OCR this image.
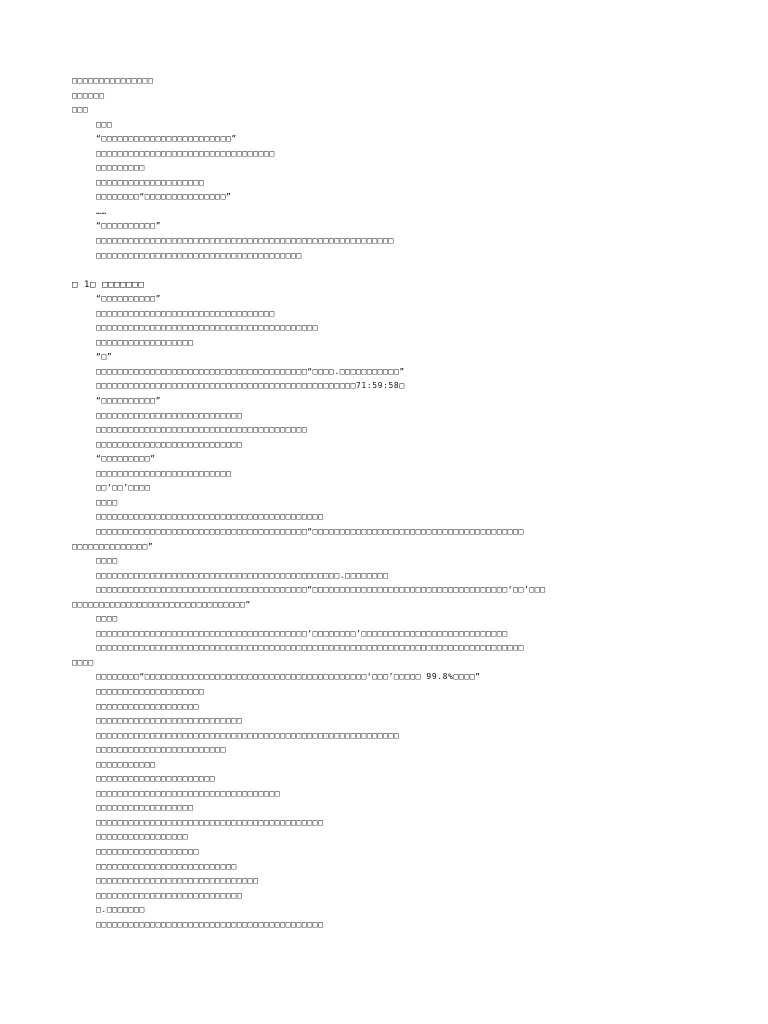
□□□□□□□□□□□□□□□
□□□□□□
□□□
□□□
“□□□□□□□□□□□□□□□□□□□□□□□□”
□□□□□□□□□□□□□□□□□□□□□□□□□□□□□□□□□
□□□□□□□□□
□□□□□□□□□□□□□□□□□□□□
□□□□□□□□“□□□□□□□□□□□□□□□”
……
“□□□□□□□□□□”
□□□□□□□□□□□□□□□□□□□□□□□□□□□□□□□□□□□□□□□□□□□□□□□□□□□□□□□
□□□□□□□□□□□□□□□□□□□□□□□□□□□□□□□□□□□□□□
□ 1□ □□□□□□□
“□□□□□□□□□□”
□□□□□□□□□□□□□□□□□□□□□□□□□□□□□□□□□
□□□□□□□□□□□□□□□□□□□□□□□□□□□□□□□□□□□□□□□□□
□□□□□□□□□□□□□□□□□□
“□”
□□□□□□□□□□□□□□□□□□□□□□□□□□□□□□□□□□□□□□□“□□□□.□□□□□□□□□□□”
□□□□□□□□□□□□□□□□□□□□□□□□□□□□□□□□□□□□□□□□□□□□□□□□71:59:58□
“□□□□□□□□□□”
□□□□□□□□□□□□□□□□□□□□□□□□□□□
□□□□□□□□□□□□□□□□□□□□□□□□□□□□□□□□□□□□□□□
□□□□□□□□□□□□□□□□□□□□□□□□□□□
“□□□□□□□□□”
□□□□□□□□□□□□□□□□□□□□□□□□□
□□‘□□’□□□□
□□□□
□□□□□□□□□□□□□□□□□□□□□□□□□□□□□□□□□□□□□□□□□□
□□□□□□□□□□□□□□□□□□□□□□□□□□□□□□□□□□□□□□□“□□□□□□□□□□□□□□□□□□□□□□□□□□□□□□□□□□□□□□□
□□□□□□□□□□□□□□”
□□□□
□□□□□□□□□□□□□□□□□□□□□□□□□□□□□□□□□□□□□□□□□□□□□.□□□□□□□□
□□□□□□□□□□□□□□□□□□□□□□□□□□□□□□□□□□□□□□□“□□□□□□□□□□□□□□□□□□□□□□□□□□□□□□□□□□□□‘□□’□□□
□□□□□□□□□□□□□□□□□□□□□□□□□□□□□□□□”
□□□□
□□□□□□□□□□□□□□□□□□□□□□□□□□□□□□□□□□□□□□□‘□□□□□□□□’□□□□□□□□□□□□□□□□□□□□□□□□□□□
□□□□□□□□□□□□□□□□□□□□□□□□□□□□□□□□□□□□□□□□□□□□□□□□□□□□□□□□□□□□□□□□□□□□□□□□□□□□□□□
□□□□
□□□□□□□□“□□□□□□□□□□□□□□□□□□□□□□□□□□□□□□□□□□□□□□□□□‘□□□’□□□□□ 99.8%□□□□”
□□□□□□□□□□□□□□□□□□□□
□□□□□□□□□□□□□□□□□□□
□□□□□□□□□□□□□□□□□□□□□□□□□□□
□□□□□□□□□□□□□□□□□□□□□□□□□□□□□□□□□□□□□□□□□□□□□□□□□□□□□□□□
□□□□□□□□□□□□□□□□□□□□□□□□
□□□□□□□□□□□
□□□□□□□□□□□□□□□□□□□□□□
□□□□□□□□□□□□□□□□□□□□□□□□□□□□□□□□□□
□□□□□□□□□□□□□□□□□□
□□□□□□□□□□□□□□□□□□□□□□□□□□□□□□□□□□□□□□□□□□
□□□□□□□□□□□□□□□□□
□□□□□□□□□□□□□□□□□□□
□□□□□□□□□□□□□□□□□□□□□□□□□□
□□□□□□□□□□□□□□□□□□□□□□□□□□□□□□
□□□□□□□□□□□□□□□□□□□□□□□□□□□
□.□□□□□□□
□□□□□□□□□□□□□□□□□□□□□□□□□□□□□□□□□□□□□□□□□□
